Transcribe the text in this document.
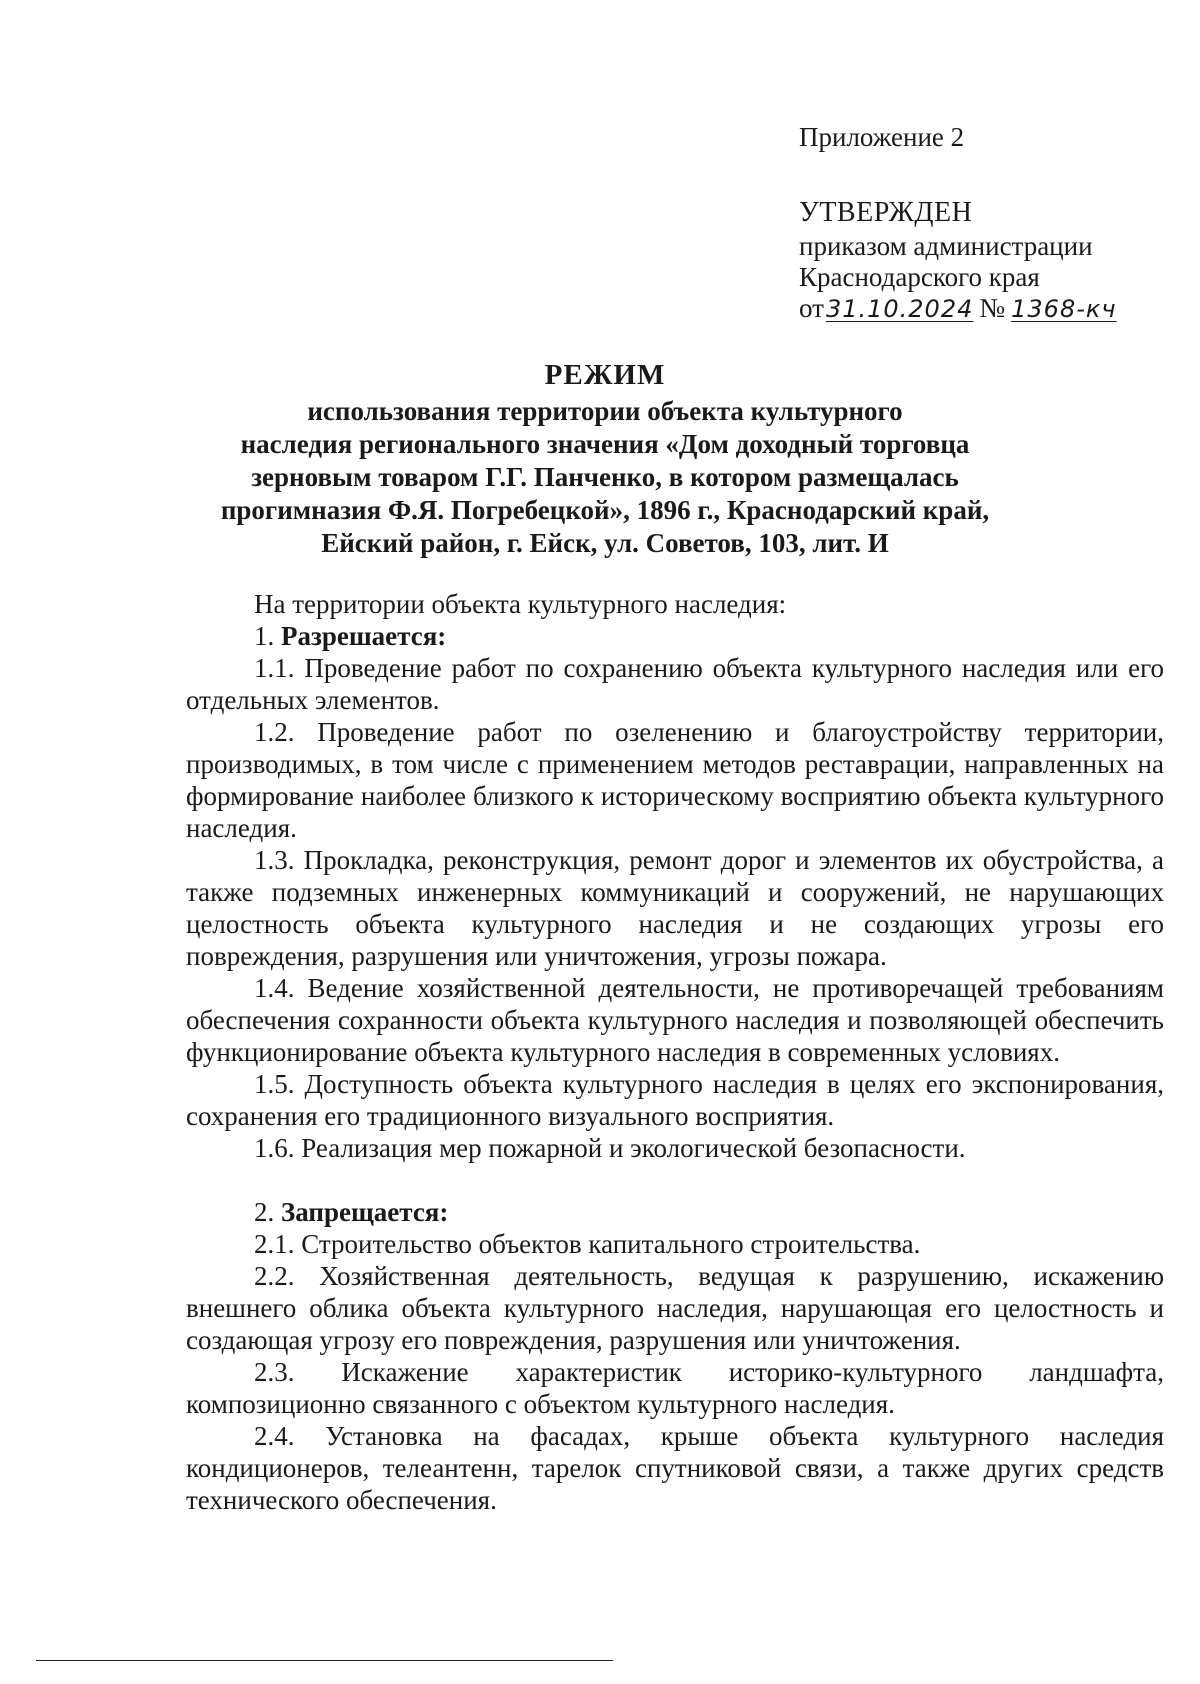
Приложение 2
УТВЕРЖДЕН
приказом администрации
Краснодарского края
от31.10.2024 № 1368-кч
РЕЖИМ
использования территории объекта культурного
наследия регионального значения «Дом доходный торговца
зерновым товаром Г.Г. Панченко, в котором размещалась
прогимназия Ф.Я. Погребецкой», 1896 г., Краснодарский край,
Ейский район, г. Ейск, ул. Советов, 103, лит. И
На территории объекта культурного наследия:
1. Разрешается:
1.1. Проведение работ по сохранению объекта культурного наследия или его отдельных элементов.
1.2. Проведение работ по озеленению и благоустройству территории, производимых, в том числе с применением методов реставрации, направленных на формирование наиболее близкого к историческому восприятию объекта культурного наследия.
1.3. Прокладка, реконструкция, ремонт дорог и элементов их обустройства, а также подземных инженерных коммуникаций и сооружений, не нарушающих целостность объекта культурного наследия и не создающих угрозы его повреждения, разрушения или уничтожения, угрозы пожара.
1.4. Ведение хозяйственной деятельности, не противоречащей требованиям обеспечения сохранности объекта культурного наследия и позволяющей обеспечить функционирование объекта культурного наследия в современных условиях.
1.5. Доступность объекта культурного наследия в целях его экспонирования, сохранения его традиционного визуального восприятия.
1.6. Реализация мер пожарной и экологической безопасности.
2. Запрещается:
2.1. Строительство объектов капитального строительства.
2.2. Хозяйственная деятельность, ведущая к разрушению, искажению внешнего облика объекта культурного наследия, нарушающая его целостность и создающая угрозу его повреждения, разрушения или уничтожения.
2.3. Искажение характеристик историко-культурного ландшафта, композиционно связанного с объектом культурного наследия.
2.4. Установка на фасадах, крыше объекта культурного наследия кондиционеров, телеантенн, тарелок спутниковой связи, а также других средств технического обеспечения.
